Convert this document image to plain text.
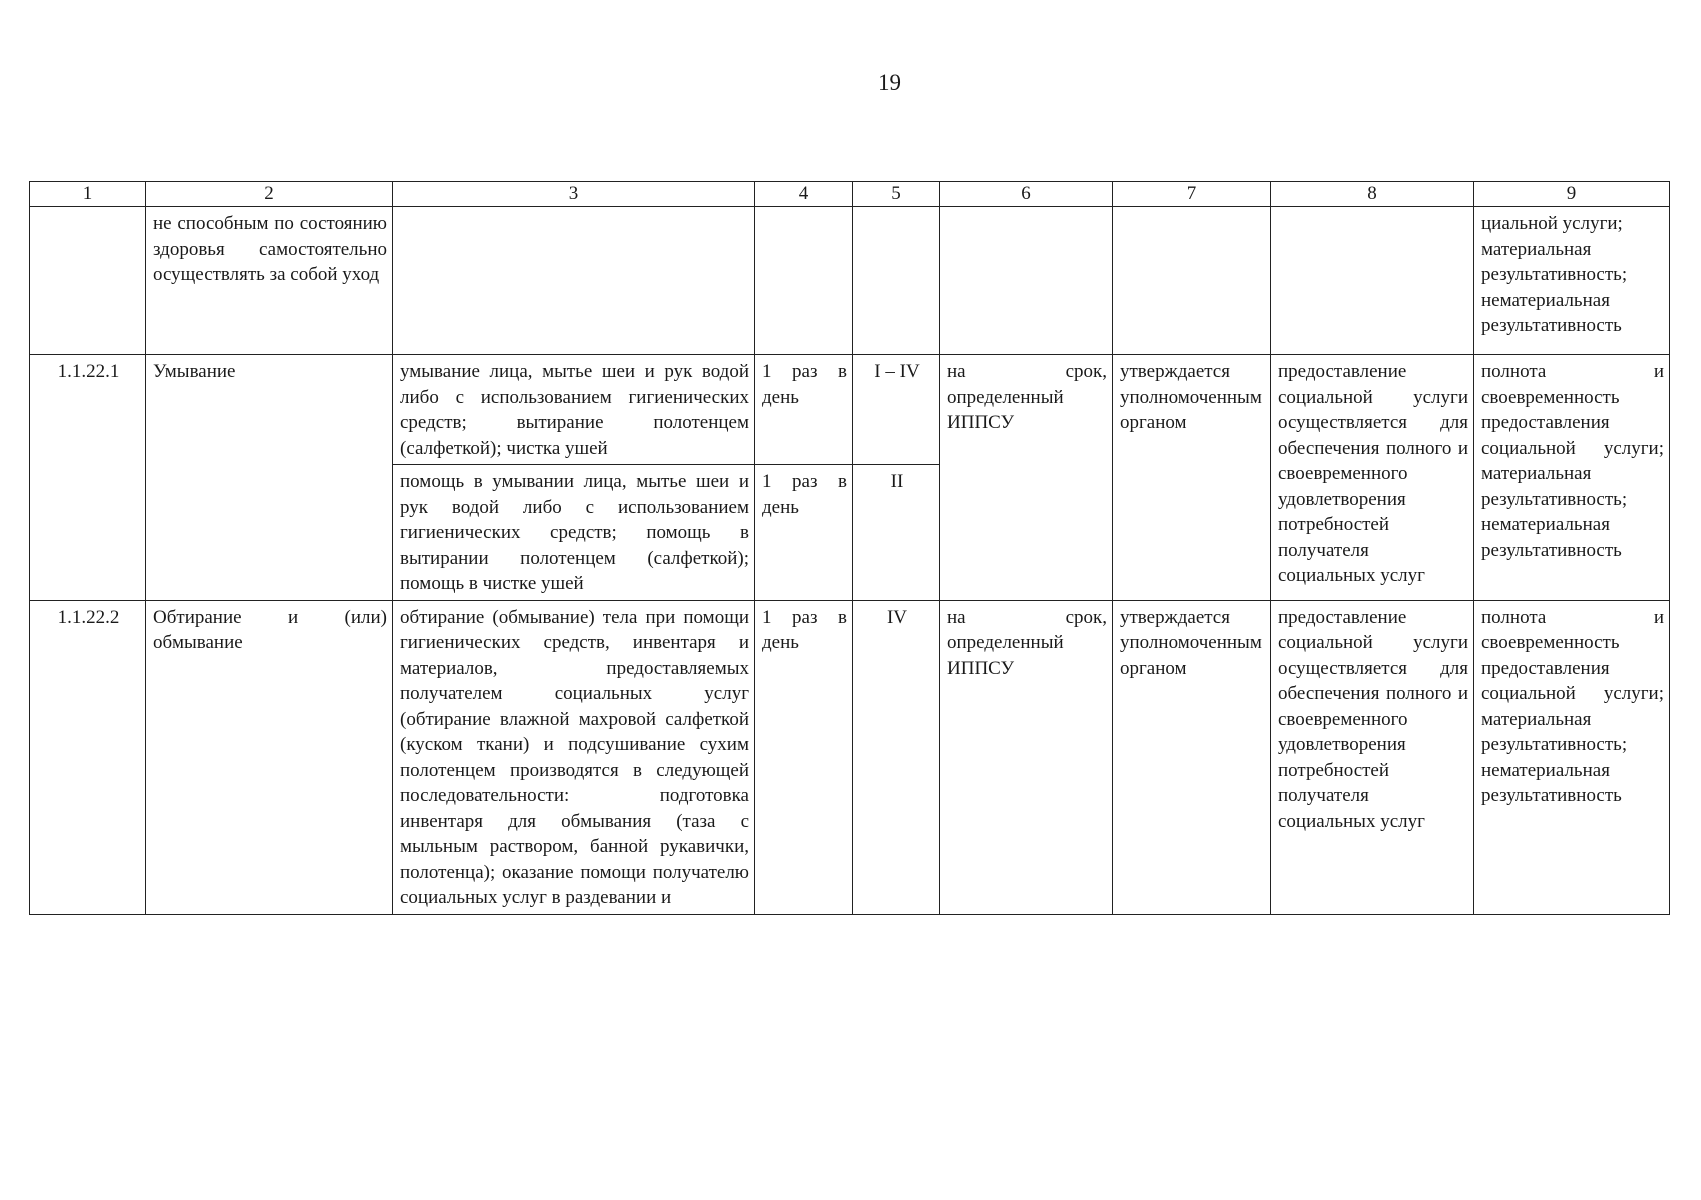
19
1	2	3	4	5	6	7	8	9
	не способным по состоянию здоровья самостоятельно осуществлять за собой уход							циальной услуги; материальная результативность; нематериальная результативность
1.1.22.1	Умывание	умывание лица, мытье шеи и рук водой либо с использованием гигиенических средств; вытирание полотенцем (салфеткой); чистка ушей	1 раз в день	I – IV	на срок, определенный ИППСУ	утверждается уполномоченным органом	предоставление социальной услуги осуществляется для обеспечения полного и своевременного удовлетворения потребностей получателя социальных услуг	полнота и своевременность предоставления социальной услуги; материальная результативность; нематериальная результативность
		помощь в умывании лица, мытье шеи и рук водой либо с использованием гигиенических средств; помощь в вытирании полотенцем (салфеткой); помощь в чистке ушей	1 раз в день	II				
1.1.22.2	Обтирание и (или) обмывание	обтирание (обмывание) тела при помощи гигиенических средств, инвентаря и материалов, предоставляемых получателем социальных услуг (обтирание влажной махровой салфеткой (куском ткани) и подсушивание сухим полотенцем производятся в следующей последовательности: подготовка инвентаря для обмывания (таза с мыльным раствором, банной рукавички, полотенца); оказание помощи получателю социальных услуг в раздевании и	1 раз в день	IV	на срок, определенный ИППСУ	утверждается уполномоченным органом	предоставление социальной услуги осуществляется для обеспечения полного и своевременного удовлетворения потребностей получателя социальных услуг	полнота и своевременность предоставления социальной услуги; материальная результативность; нематериальная результативность
